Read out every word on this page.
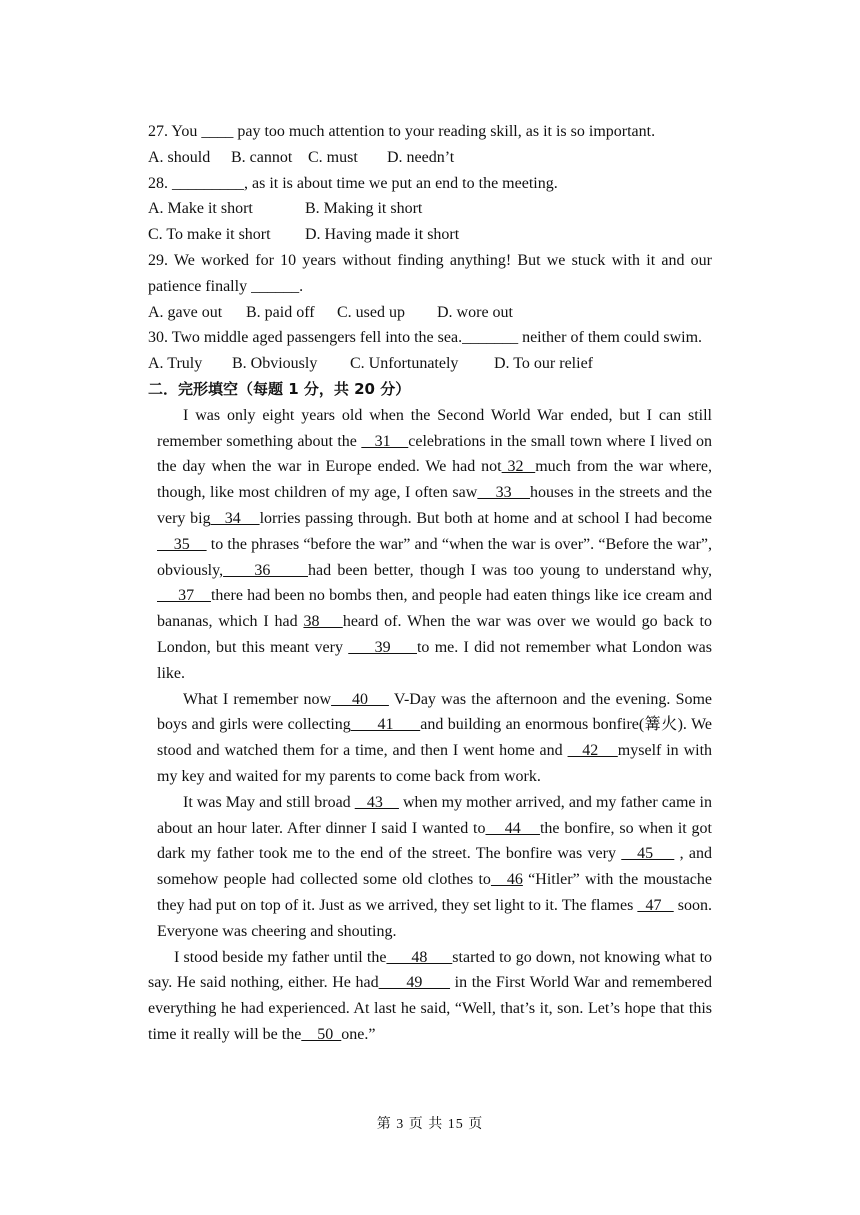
27. You ____ pay too much attention to your reading skill, as it is so important.

A. should B. cannot C. must D. needn’t

28. _________, as it is about time we put an end to the meeting.

A. Make it short	B. Making it short

C. To make it short D. Having made it short

29. We worked for 10 years without finding anything! But we stuck with it and our patience finally ______.

A. gave out B. paid off C. used up D. wore out

30. Two middle aged passengers fell into the sea._______ neither of them could swim.

A. Truly B. Obviously C. Unfortunately D. To our relief

二．完形填空（每题 1 分，共 20 分）

I was only eight years old when the Second World War ended, but I can still remember something about the    31    celebrations in the small town where I lived on the day when the war in Europe ended. We had not 32  much from the war where, though, like most children of my age, I often saw    33    houses in the streets and the very big   34    lorries passing through. But both at home and at school I had become    35     to the phrases “before the war” and “when the war is over”. “Before the war”, obviously,     36      had been better, though I was too young to understand why,      37    there had been no bombs then, and people had eaten things like ice cream and bananas, which I had 38    heard of. When the war was over we would go back to London, but this meant very      39     to me. I did not remember what London was like.

What I remember now    40     V-Day was the afternoon and the evening. Some boys and girls were collecting      41      and building an enormous bonfire(篝火). We stood and watched them for a time, and then I went home and    42    myself in with my key and waited for my parents to come back from work.

It was May and still broad    43     when my mother arrived, and my father came in about an hour later. After dinner I said I wanted to    44    the bonfire, so when it got dark my father took me to the end of the street. The bonfire was very    45     , and somehow people had collected some old clothes to   46 “Hitler” with the moustache they had put on top of it. Just as we arrived, they set light to it. The flames   47    soon. Everyone was cheering and shouting.

I stood beside my father until the      48      started to go down, not knowing what to say. He said nothing, either. He had      49       in the First World War and remembered everything he had experienced. At last he said, “Well, that’s it, son. Let’s hope that this time it really will be the    50  one.”

第 3 页 共 15 页
